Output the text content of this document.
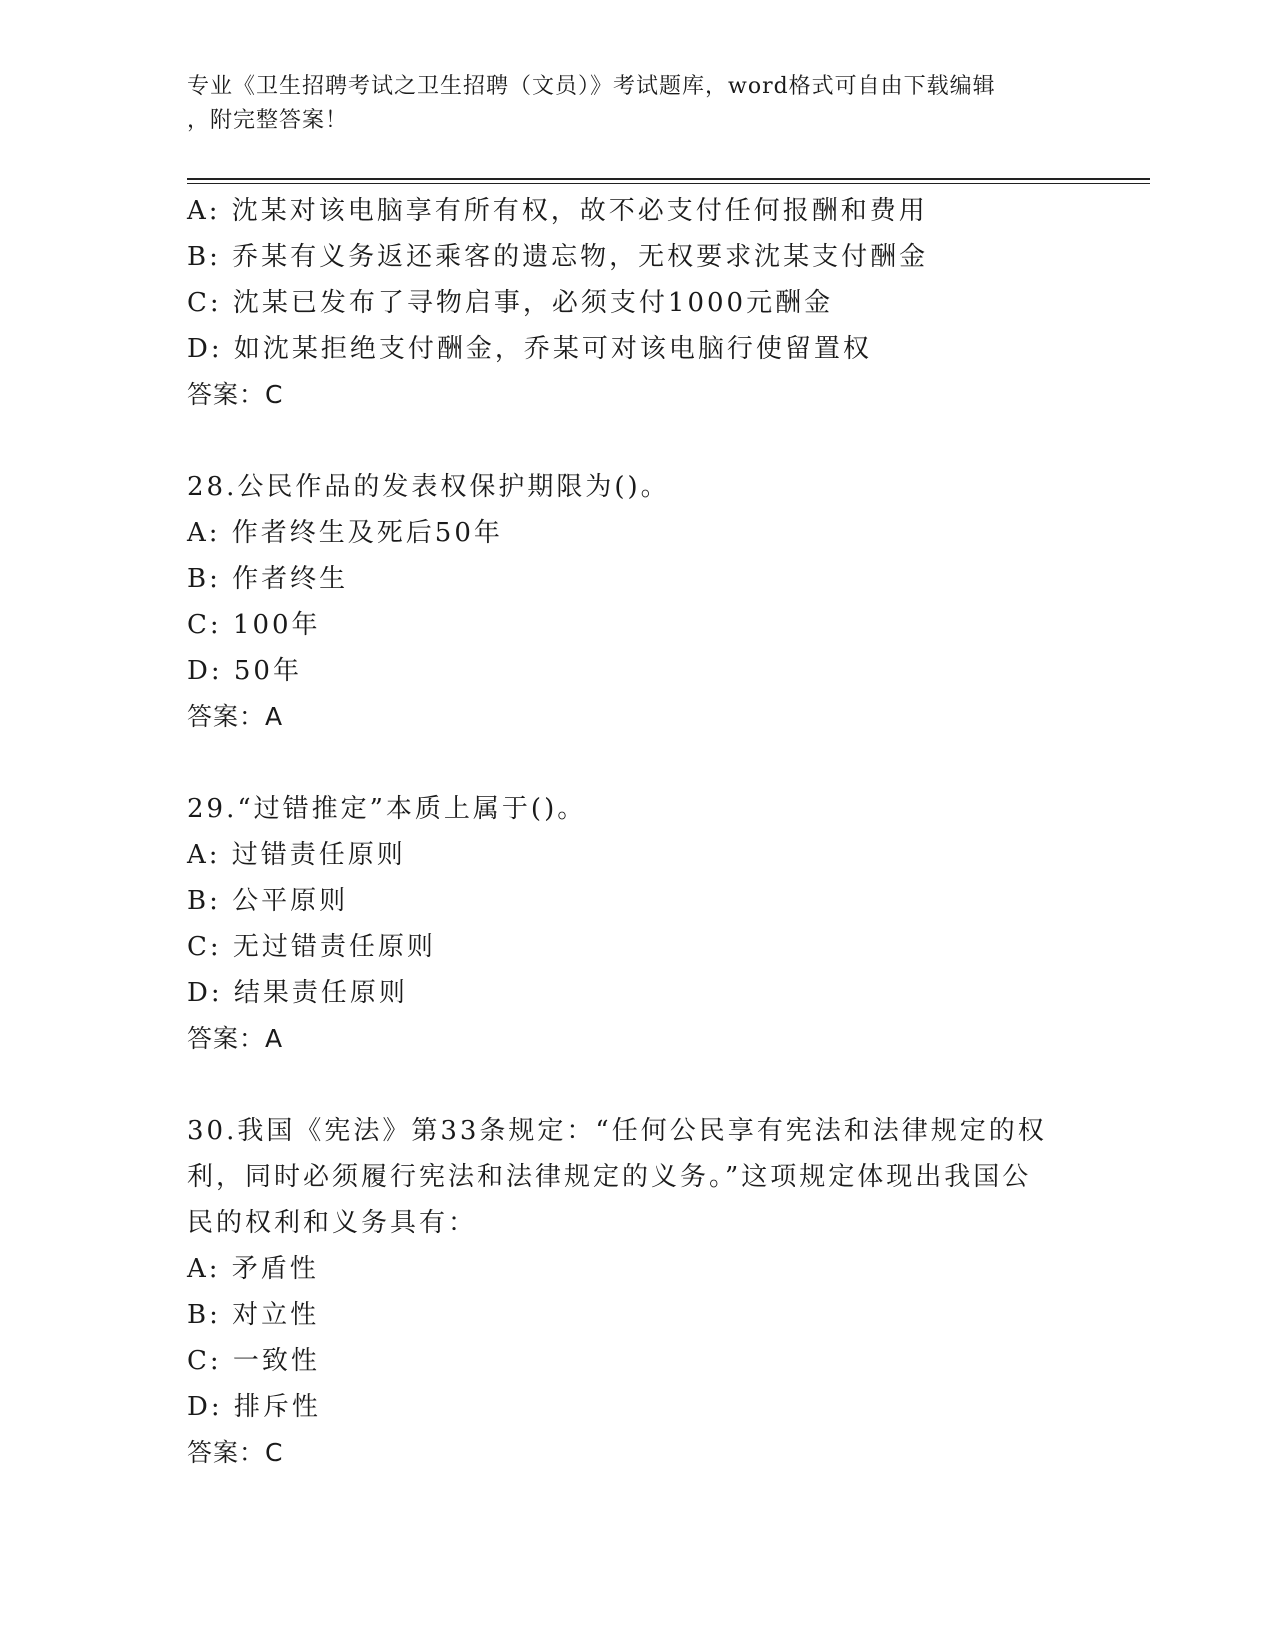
专业《卫生招聘考试之卫生招聘（文员）》考试题库，word格式可自由下载编辑
，附完整答案！
A: 沈某对该电脑享有所有权，故不必支付任何报酬和费用
B: 乔某有义务返还乘客的遗忘物，无权要求沈某支付酬金
C: 沈某已发布了寻物启事，必须支付1000元酬金
D: 如沈某拒绝支付酬金，乔某可对该电脑行使留置权
答案：C
28.公民作品的发表权保护期限为()。
A: 作者终生及死后50年
B: 作者终生
C: 100年
D: 50年
答案：A
29.“过错推定”本质上属于()。
A: 过错责任原则
B: 公平原则
C: 无过错责任原则
D: 结果责任原则
答案：A
30.我国《宪法》第33条规定：“任何公民享有宪法和法律规定的权
利，同时必须履行宪法和法律规定的义务。”这项规定体现出我国公
民的权利和义务具有：
A: 矛盾性
B: 对立性
C: 一致性
D: 排斥性
答案：C
